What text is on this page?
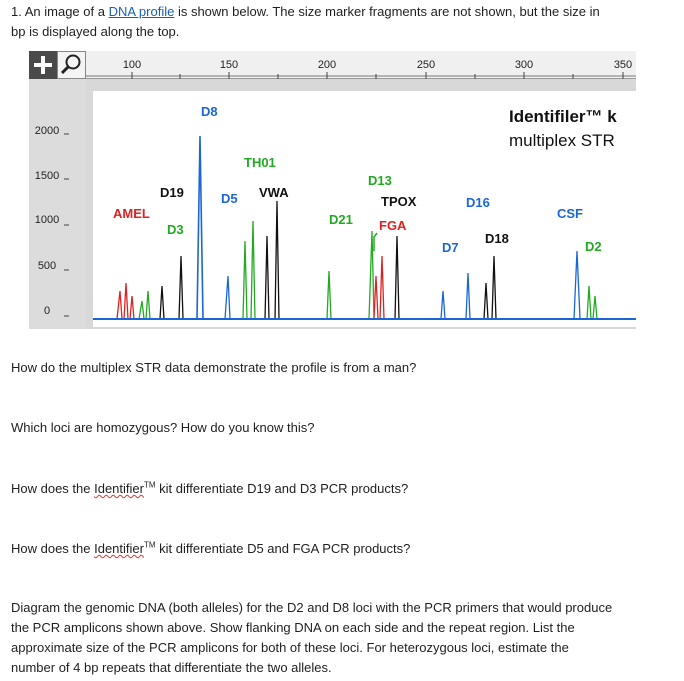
1. An image of a DNA profile is shown below. The size marker fragments are not shown, but the size in
bp is displayed along the top.
100	150	200	250	300	350
2000
1500
1000
500
0
D8
TH01
D19	D5 VWA
AMEL
D3
D13
TPOX
D21 FGA
D16
D7
D18
CSF
D2
Identifiler™ k
multiplex STR
How do the multiplex STR data demonstrate the profile is from a man?
Which loci are homozygous? How do you know this?
How does the Identifier™ kit differentiate D19 and D3 PCR products?
How does the Identifier™ kit differentiate D5 and FGA PCR products?
Diagram the genomic DNA (both alleles) for the D2 and D8 loci with the PCR primers that would produce
the PCR amplicons shown above. Show flanking DNA on each side and the repeat region. List the
approximate size of the PCR amplicons for both of these loci. For heterozygous loci, estimate the
number of 4 bp repeats that differentiate the two alleles.
